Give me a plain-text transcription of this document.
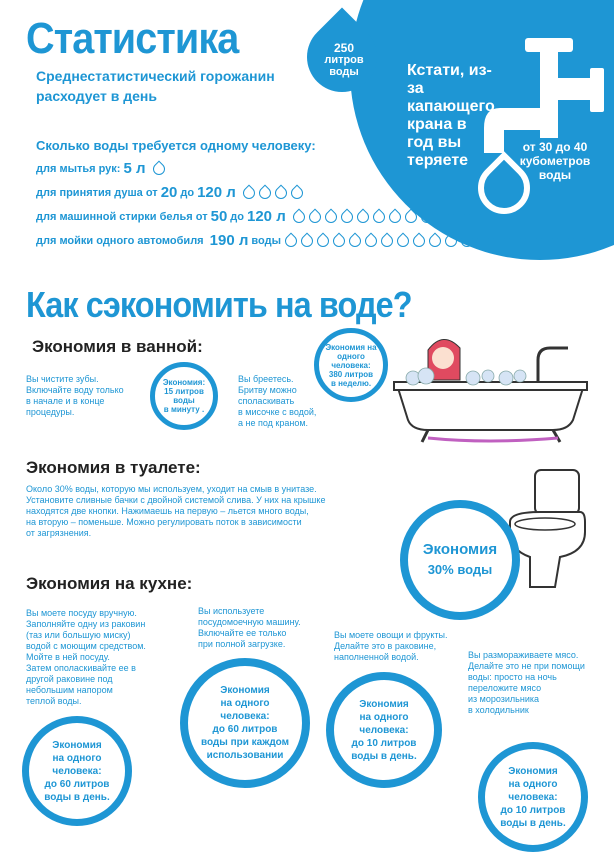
Кстати, из-за
капающего
крана в
год вы
теряете
от 30 до 40
кубометров
воды
Статистика
Среднестатистический горожанин
расходует в день
250
литров
воды
Сколько воды требуется одному человеку:
для мытья рук: 5 л
для принятия душа
от 20 до 120 л
для машинной стирки белья
от 50 до 120 л
для мойки одного автомобиля
190 л воды
Как сэкономить на воде?
Экономия в ванной:
Вы чистите зубы.
Включайте воду только
в начале и в конце
процедуры.
Экономия:
15 литров
воды
в минуту .
Вы бреетесь.
Бритву можно
споласкивать
в мисочке с водой,
а не под краном.
Экономия на
одного человека:
380 литров
в неделю.
Экономия в туалете:
Около 30% воды, которую мы используем, уходит на смыв в унитазе.
Установите сливные бачки с двойной системой слива. У них на крышке
находятся две кнопки. Нажимаешь на первую – льется много воды,
на вторую – поменьше. Можно регулировать поток в зависимости
от загрязнения.
Экономия
30% воды
Экономия на кухне:
Вы моете посуду вручную.
Заполняйте одну из раковин
(таз или большую миску)
водой с моющим средством.
Мойте в ней посуду.
Затем ополаскивайте ее в
другой раковине под
небольшим напором
теплой воды.
Вы используете
посудомоечную машину.
Включайте ее только
при полной загрузке.
Вы моете овощи и фрукты.
Делайте это в раковине,
наполненной водой.	Вы размораживаете мясо.
Делайте это не при помощи
воды: просто на ночь
переложите мясо
из морозильника
в холодильник
Экономия
на одного
человека:
до 60 литров
воды в день.
Экономия
на одного
человека:
до 60 литров
воды при каждом
использовании
Экономия
на одного
человека:
до 10 литров
воды в день.
Экономия
на одного
человека:
до 10 литров
воды в день.
